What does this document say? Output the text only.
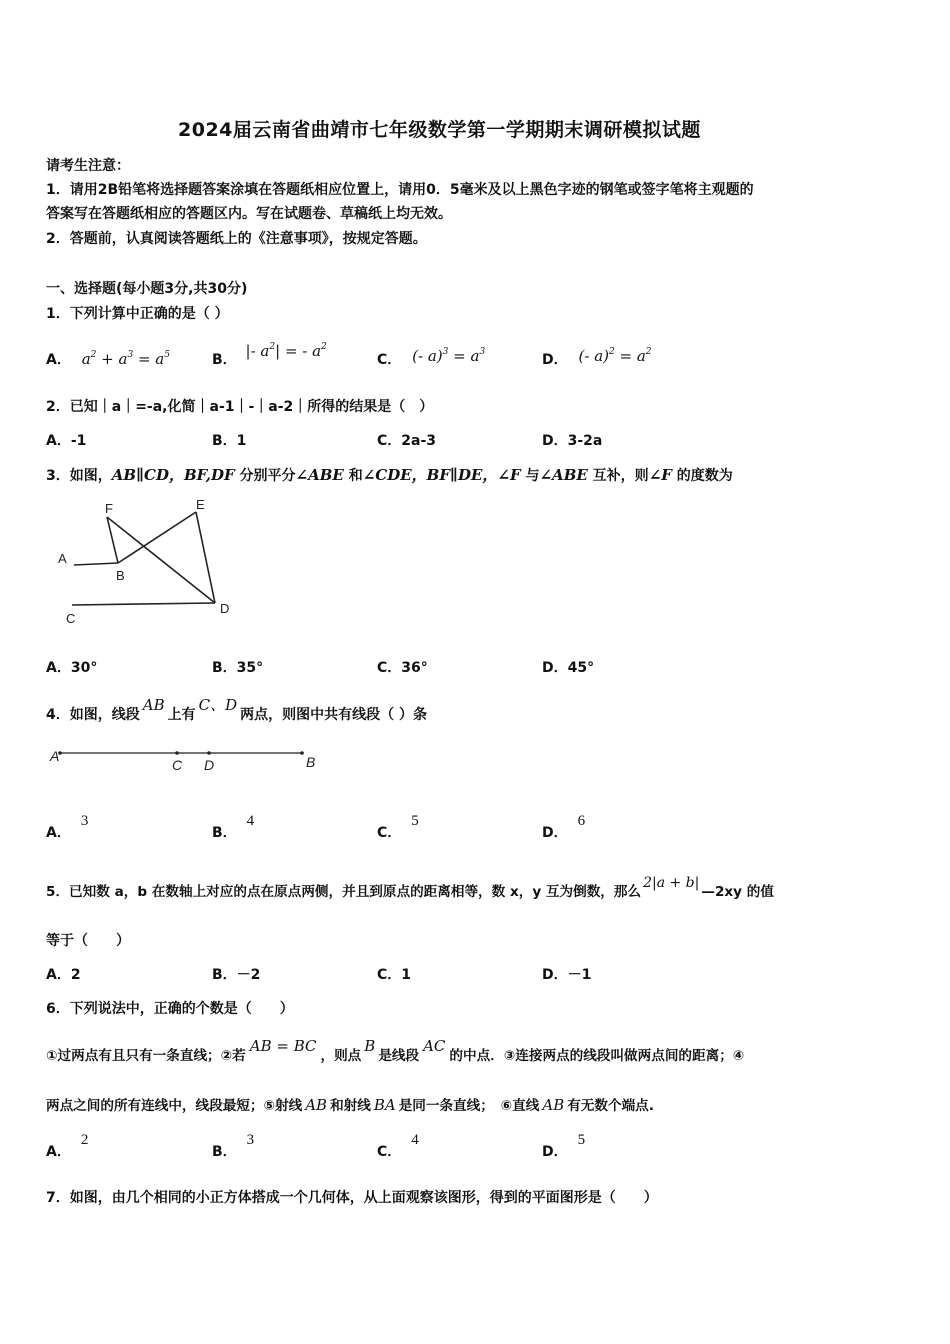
2024届云南省曲靖市七年级数学第一学期期末调研模拟试题
请考生注意：
1．请用2B铅笔将选择题答案涂填在答题纸相应位置上，请用0．5毫米及以上黑色字迹的钢笔或签字笔将主观题的
答案写在答题纸相应的答题区内。写在试题卷、草稿纸上均无效。
2．答题前，认真阅读答题纸上的《注意事项》，按规定答题。
一、选择题(每小题3分,共30分)
1．下列计算中正确的是（ ）
A． $a^2 + a^3 = a^5$	B． |- $a^2|$ = - $a^2$
C． (- $a)^3 = a^3$	D． (- $a)^2 = a^2$
2．已知｜a｜=-a,化简｜a-1｜-｜a-2｜所得的结果是（　）
A．-1	B．1	C．2a-3	D．3-2a
3．如图，AB∥CD，BF,DF 分别平分∠ABE 和∠CDE，BF∥DE，∠F 与∠ABE 互补，则∠F 的度数为
F	E
A
B
C
D
A．30°	B．35°	C．36°	D．45°
4．如图，线段AB上有C、D两点，则图中共有线段（ ）条
A
C D	B
A．3
B．4
C．5
D．6
5．已知数 a，b 在数轴上对应的点在原点两侧，并且到原点的距离相等，数 x，y 互为倒数，那么2|a + b|—2xy 的值
等于（　　）
A．2	B．－2	C．1	D．－1
6．下列说法中，正确的个数是（　　）
①过两点有且只有一条直线；②若AB = BC，则点B是线段AC的中点．③连接两点的线段叫做两点间的距离；④
两点之间的所有连线中，线段最短；⑤射线 AB 和射线 BA 是同一条直线；　⑥直线 AB 有无数个端点.
A．2
B．3
C．4
D．5
7．如图，由几个相同的小正方体搭成一个几何体，从上面观察该图形，得到的平面图形是（　　）
